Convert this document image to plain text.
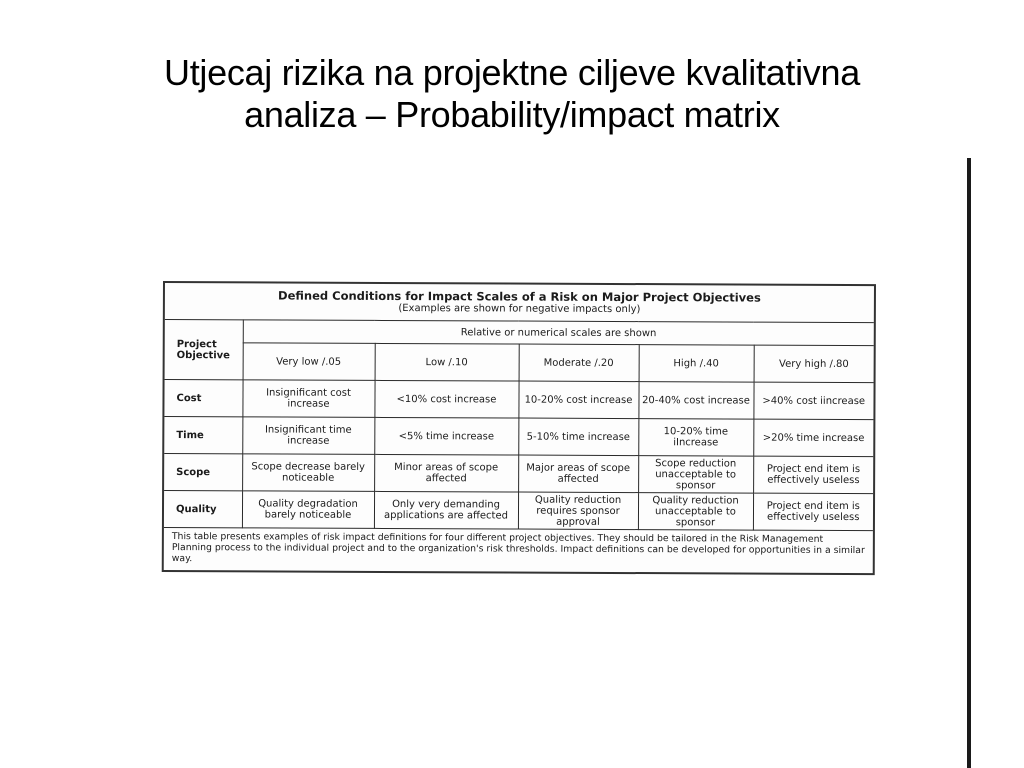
Utjecaj rizika na projektne ciljeve kvalitativna
analiza – Probability/impact matrix
Defined Conditions for Impact Scales of a Risk on Major Project Objectives
(Examples are shown for negative impacts only)					

Project Objective	Relative or numerical scales are shown				
	Very low /.05	Low /.10	Moderate /.20	High /.40	Very high /.80
Cost	Insignificant cost increase	<10% cost increase	10-20% cost increase	20-40% cost increase	>40% cost iincrease
Time	Insignificant time increase	<5% time increase	5-10% time increase	10-20% time iIncrease	>20% time increase
Scope	Scope decrease barely noticeable	Minor areas of scope affected	Major areas of scope affected	Scope reduction unacceptable to sponsor	Project end item is effectively useless
Quality	Quality degradation barely noticeable	Only very demanding applications are affected	Quality reduction requires sponsor approval	Quality reduction unacceptable to sponsor	Project end item is effectively useless
This table presents examples of risk impact definitions for four different project objectives. They should be tailored in the Risk Management Planning process to the individual project and to the organization's risk thresholds. Impact definitions can be developed for opportunities in a similar way.					
